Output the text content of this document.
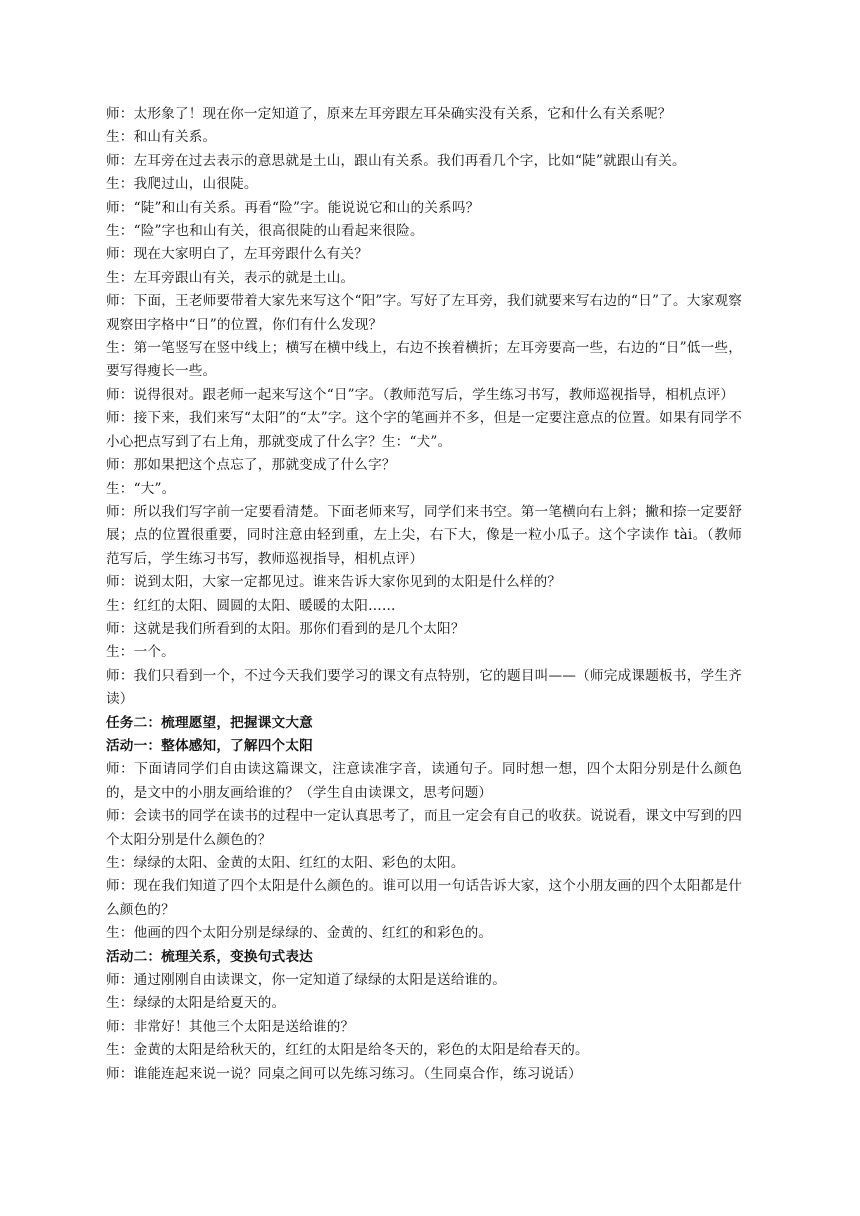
师：太形象了！现在你一定知道了，原来左耳旁跟左耳朵确实没有关系，它和什么有关系呢？

生：和山有关系。

师：左耳旁在过去表示的意思就是土山，跟山有关系。我们再看几个字，比如“陡”就跟山有关。

生：我爬过山，山很陡。

师：“陡”和山有关系。再看“险”字。能说说它和山的关系吗？

生：“险”字也和山有关，很高很陡的山看起来很险。

师：现在大家明白了，左耳旁跟什么有关？

生：左耳旁跟山有关，表示的就是土山。

师：下面，王老师要带着大家先来写这个“阳”字。写好了左耳旁，我们就要来写右边的“日”了。大家观察观察田字格中“日”的位置，你们有什么发现？

生：第一笔竖写在竖中线上；横写在横中线上，右边不挨着横折；左耳旁要高一些，右边的“日”低一些，要写得瘦长一些。

师：说得很对。跟老师一起来写这个“日”字。（教师范写后，学生练习书写，教师巡视指导，相机点评）

师：接下来，我们来写“太阳”的“太”字。这个字的笔画并不多，但是一定要注意点的位置。如果有同学不小心把点写到了右上角，那就变成了什么字？生：“犬”。

师：那如果把这个点忘了，那就变成了什么字？

生：“大”。

师：所以我们写字前一定要看清楚。下面老师来写，同学们来书空。第一笔横向右上斜；撇和捺一定要舒展；点的位置很重要，同时注意由轻到重，左上尖，右下大，像是一粒小瓜子。这个字读作 tài。（教师范写后，学生练习书写，教师巡视指导，相机点评）

师：说到太阳，大家一定都见过。谁来告诉大家你见到的太阳是什么样的？

生：红红的太阳、圆圆的太阳、暖暖的太阳……

师：这就是我们所看到的太阳。那你们看到的是几个太阳？

生：一个。

师：我们只看到一个，不过今天我们要学习的课文有点特别，它的题目叫——（师完成课题板书，学生齐读）

任务二：梳理愿望，把握课文大意

活动一：整体感知，了解四个太阳

师：下面请同学们自由读这篇课文，注意读准字音，读通句子。同时想一想，四个太阳分别是什么颜色的，是文中的小朋友画给谁的？（学生自由读课文，思考问题）

师：会读书的同学在读书的过程中一定认真思考了，而且一定会有自己的收获。说说看，课文中写到的四个太阳分别是什么颜色的？

生：绿绿的太阳、金黄的太阳、红红的太阳、彩色的太阳。

师：现在我们知道了四个太阳是什么颜色的。谁可以用一句话告诉大家，这个小朋友画的四个太阳都是什么颜色的？

生：他画的四个太阳分别是绿绿的、金黄的、红红的和彩色的。

活动二：梳理关系，变换句式表达

师：通过刚刚自由读课文，你一定知道了绿绿的太阳是送给谁的。

生：绿绿的太阳是给夏天的。

师：非常好！其他三个太阳是送给谁的？

生：金黄的太阳是给秋天的，红红的太阳是给冬天的，彩色的太阳是给春天的。

师：谁能连起来说一说？同桌之间可以先练习练习。（生同桌合作，练习说话）
